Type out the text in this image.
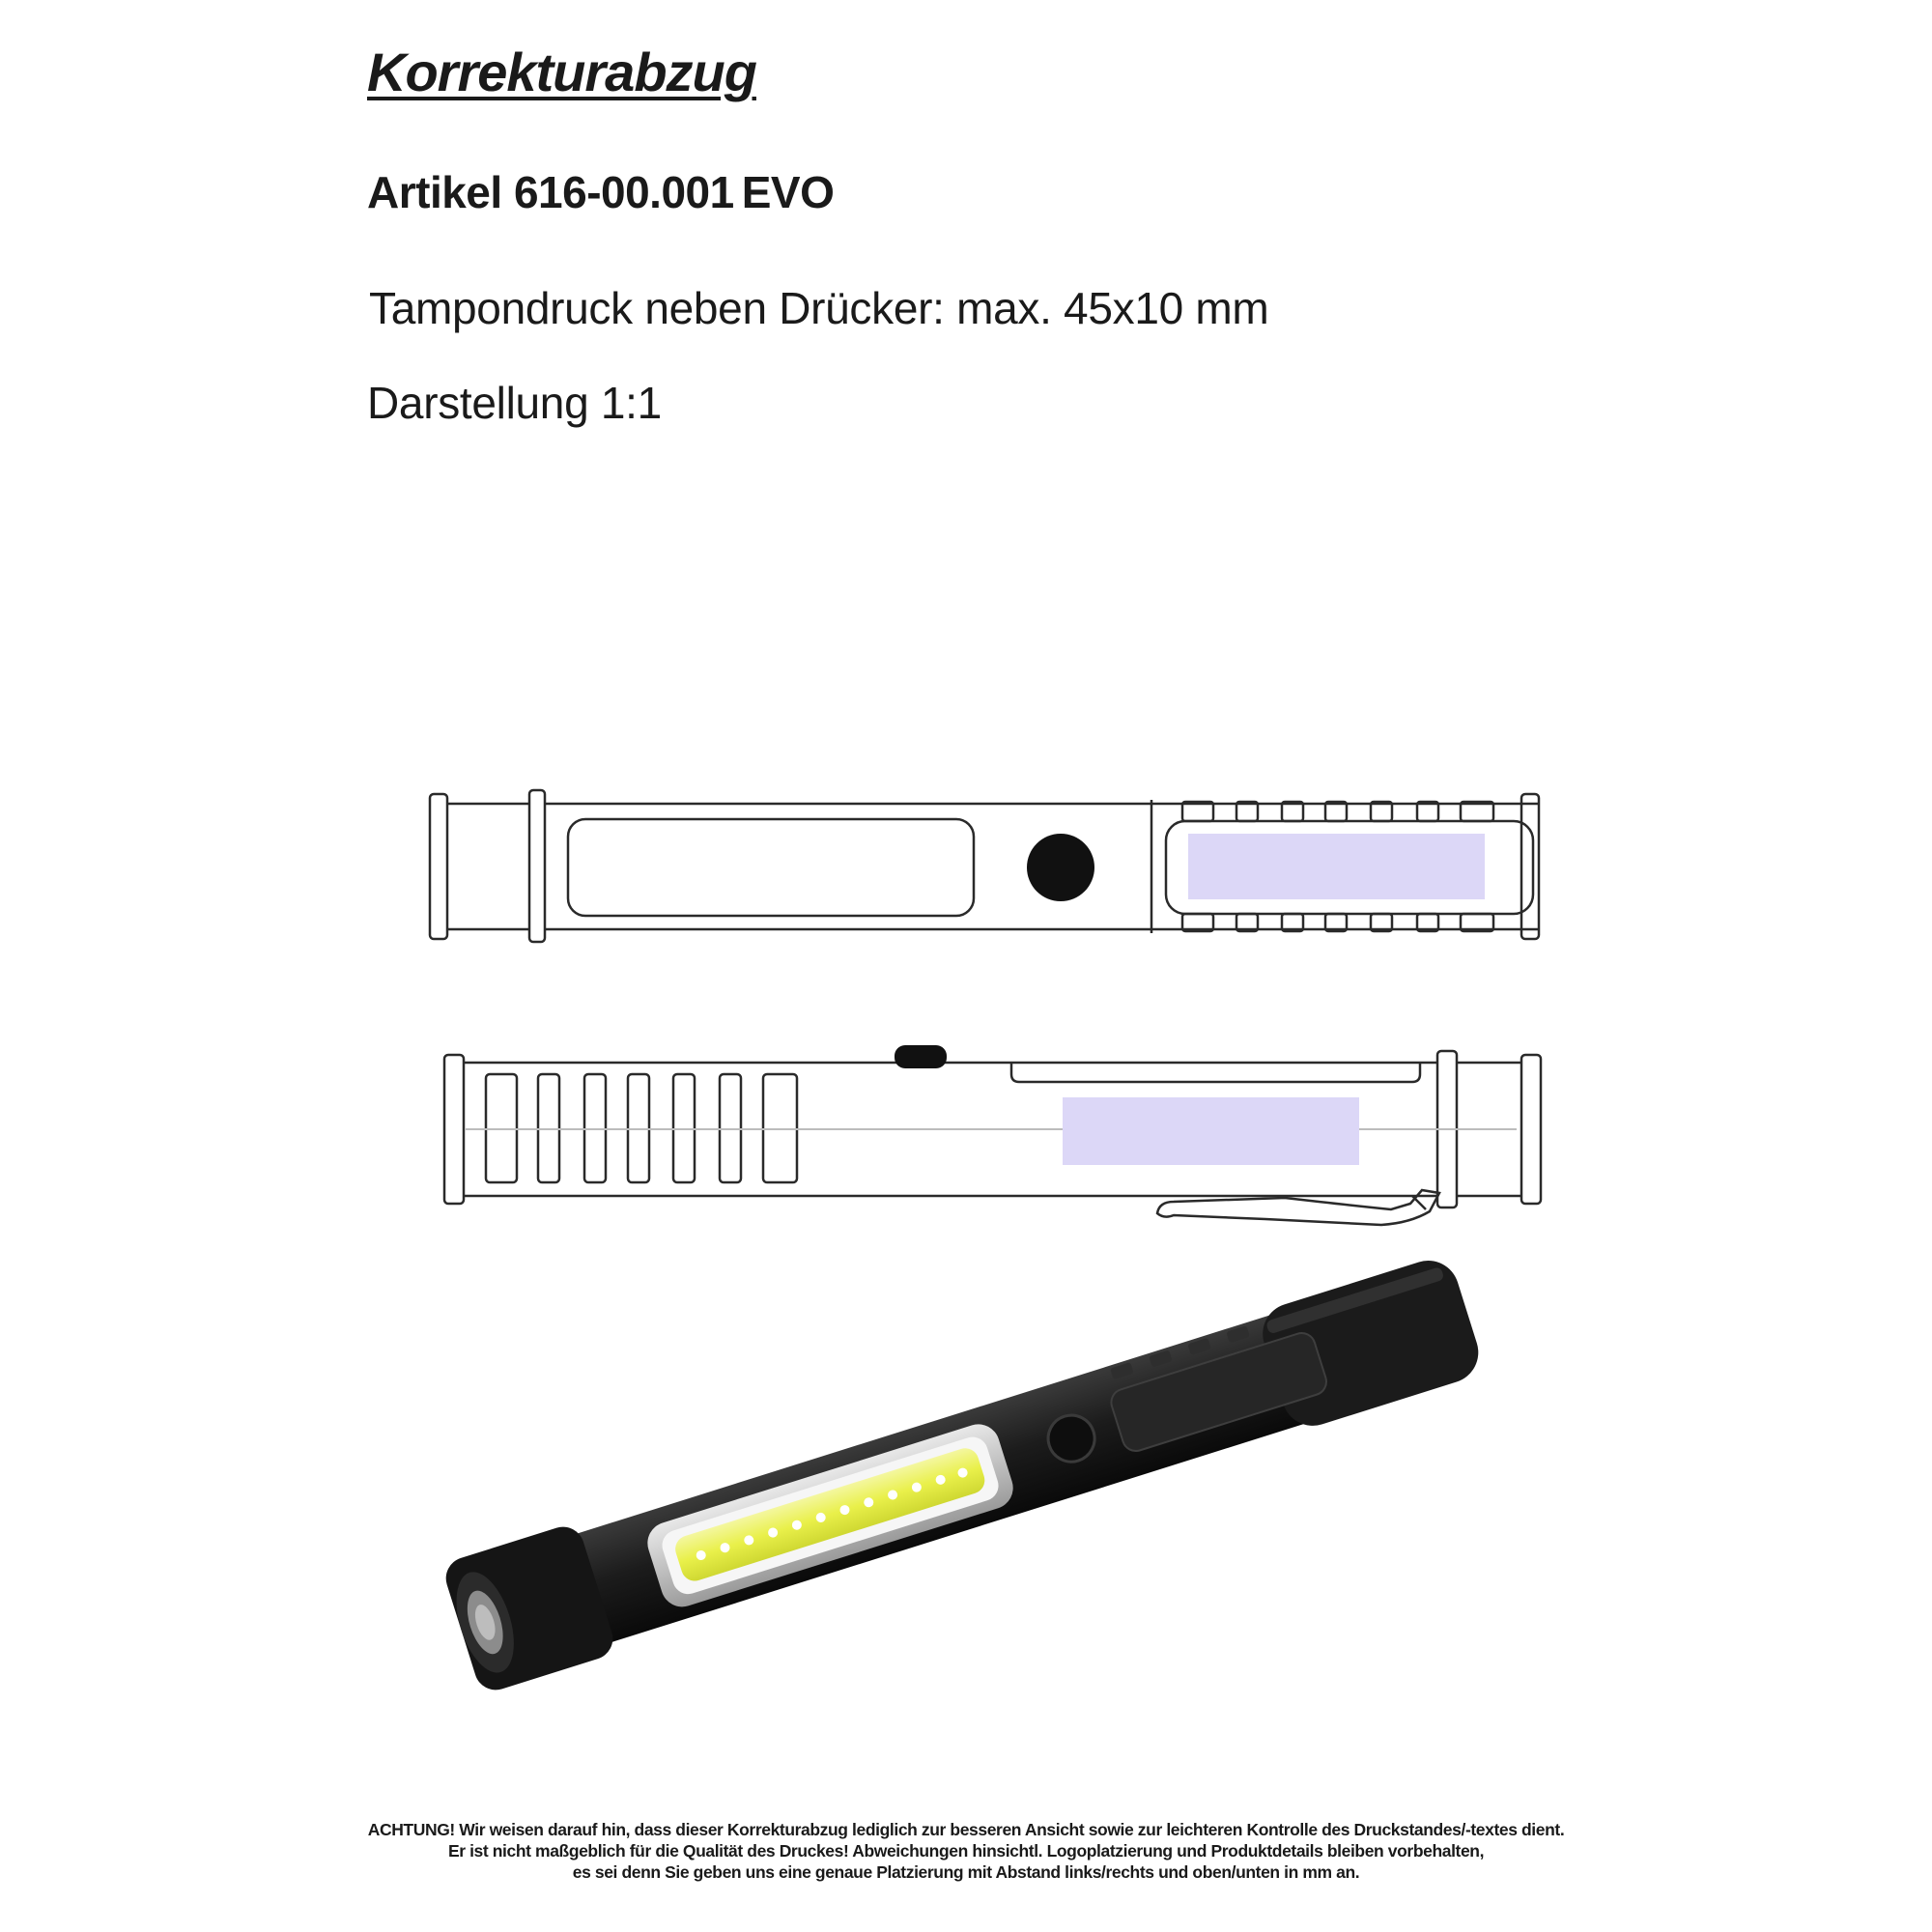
Korrekturabzug

Artikel 616-00.001 EVO

Tampondruck neben Drücker: max. 45x10 mm

Darstellung 1:1

ACHTUNG! Wir weisen darauf hin, dass dieser Korrekturabzug lediglich zur besseren Ansicht sowie zur leichteren Kontrolle des Druckstandes/-textes dient.
Er ist nicht maßgeblich für die Qualität des Druckes! Abweichungen hinsichtl. Logoplatzierung und Produktdetails bleiben vorbehalten,
es sei denn Sie geben uns eine genaue Platzierung mit Abstand links/rechts und oben/unten in mm an.
